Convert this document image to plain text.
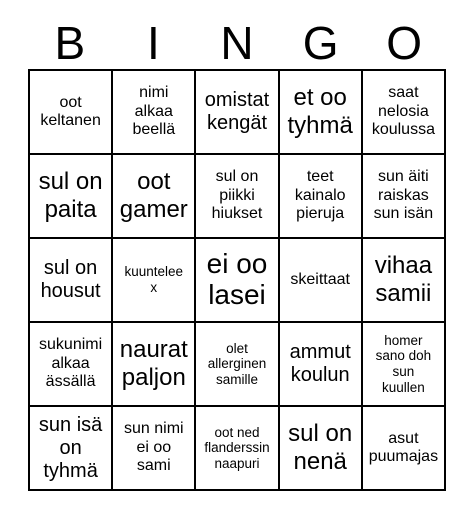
B	I	N	G	O
oot
keltanen
nimi
alkaa
beellä
omistat
kengät
et oo
tyhmä
saat
nelosia
koulussa
sul on
paita
oot
gamer
sul on
piikki
hiukset
teet
kainalo
pieruja
sun äiti
raiskas
sun isän
sul on
housut
kuuntelee
x
ei oo
lasei skeittaat vihaa
samii
sukunimi
alkaa
ässällä
naurat
paljon
olet
allerginen
samille
ammut
koulun
homer
sano doh
sun
kuullen
sun isä
on
tyhmä
sun nimi
ei oo
sami
oot ned
flanderssin
naapuri
sul on
nenä
asut
puumajas
